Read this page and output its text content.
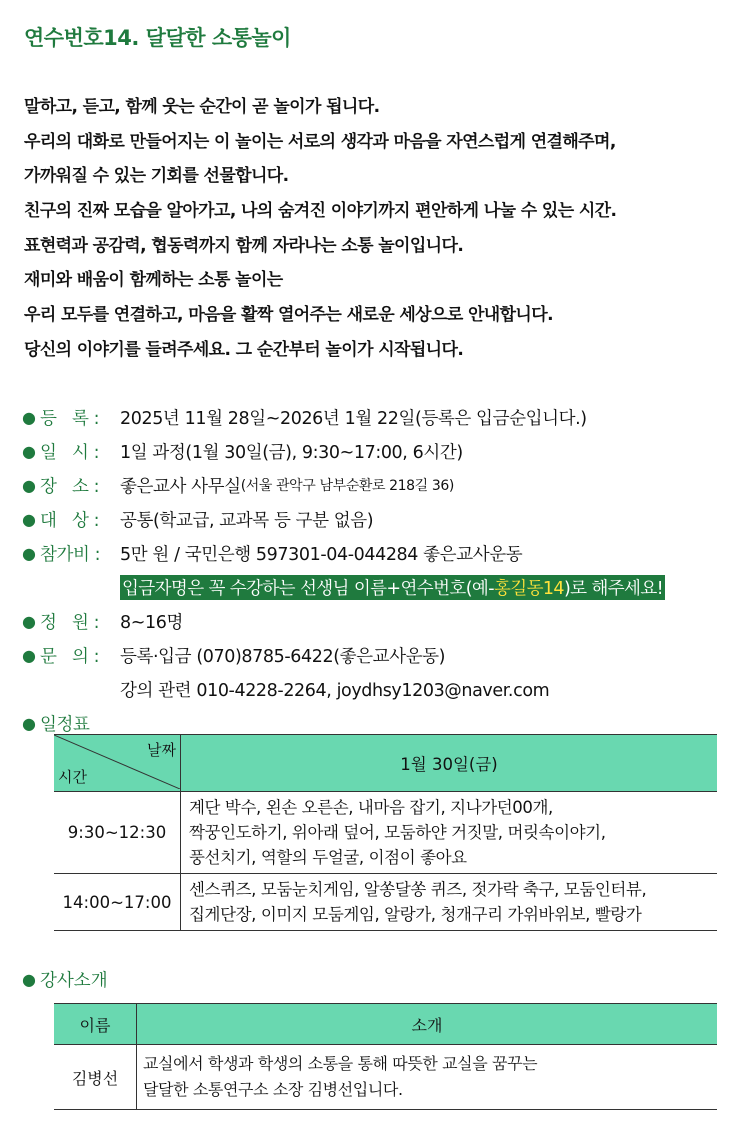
연수번호14. 달달한 소통놀이
말하고, 듣고, 함께 웃는 순간이 곧 놀이가 됩니다.
우리의 대화로 만들어지는 이 놀이는 서로의 생각과 마음을 자연스럽게 연결해주며,
가까워질 수 있는 기회를 선물합니다.
친구의 진짜 모습을 알아가고, 나의 숨겨진 이야기까지 편안하게 나눌 수 있는 시간.
표현력과 공감력, 협동력까지 함께 자라나는 소통 놀이입니다.
재미와 배움이 함께하는 소통 놀이는
우리 모두를 연결하고, 마음을 활짝 열어주는 새로운 세상으로 안내합니다.
당신의 이야기를 들려주세요. 그 순간부터 놀이가 시작됩니다.
● 등   록 : 2025년 11월 28일~2026년 1월 22일(등록은 입금순입니다.)
● 일   시 : 1일 과정(1월 30일(금), 9:30~17:00, 6시간)
● 장   소 : 좋은교사 사무실 (서울 관악구 남부순환로 218길 36)
● 대   상 : 공통(학교급, 교과목 등 구분 없음)
● 참가비 : 5만 원 / 국민은행 597301-04-044284 좋은교사운동
입금자명은 꼭 수강하는 선생님 이름+연수번호(예-홍길동14)로 해주세요!
● 정   원 : 8~16명
● 문   의 : 등록·입금 (070)8785-6422(좋은교사운동)
강의 관련 010-4228-2264, joydhsy1203@naver.com
● 일정표
날짜
시간	1월 30일(금)
9:30~12:30	계단 박수, 왼손 오른손, 내마음 잡기, 지나가던00개,
짝꿍인도하기, 위아래 덮어, 모둠하얀 거짓말, 머릿속이야기,
풍선치기, 역할의 두얼굴, 이점이 좋아요

14:00~17:00	센스퀴즈, 모둠눈치게임, 알쏭달쏭 퀴즈, 젓가락 축구, 모둠인터뷰,
집게단장, 이미지 모둠게임, 알랑가, 청개구리 가위바위보, 빨랑가
● 강사소개
이름	소개
김병선	교실에서 학생과 학생의 소통을 통해 따뜻한 교실을 꿈꾸는
달달한 소통연구소 소장 김병선입니다.
